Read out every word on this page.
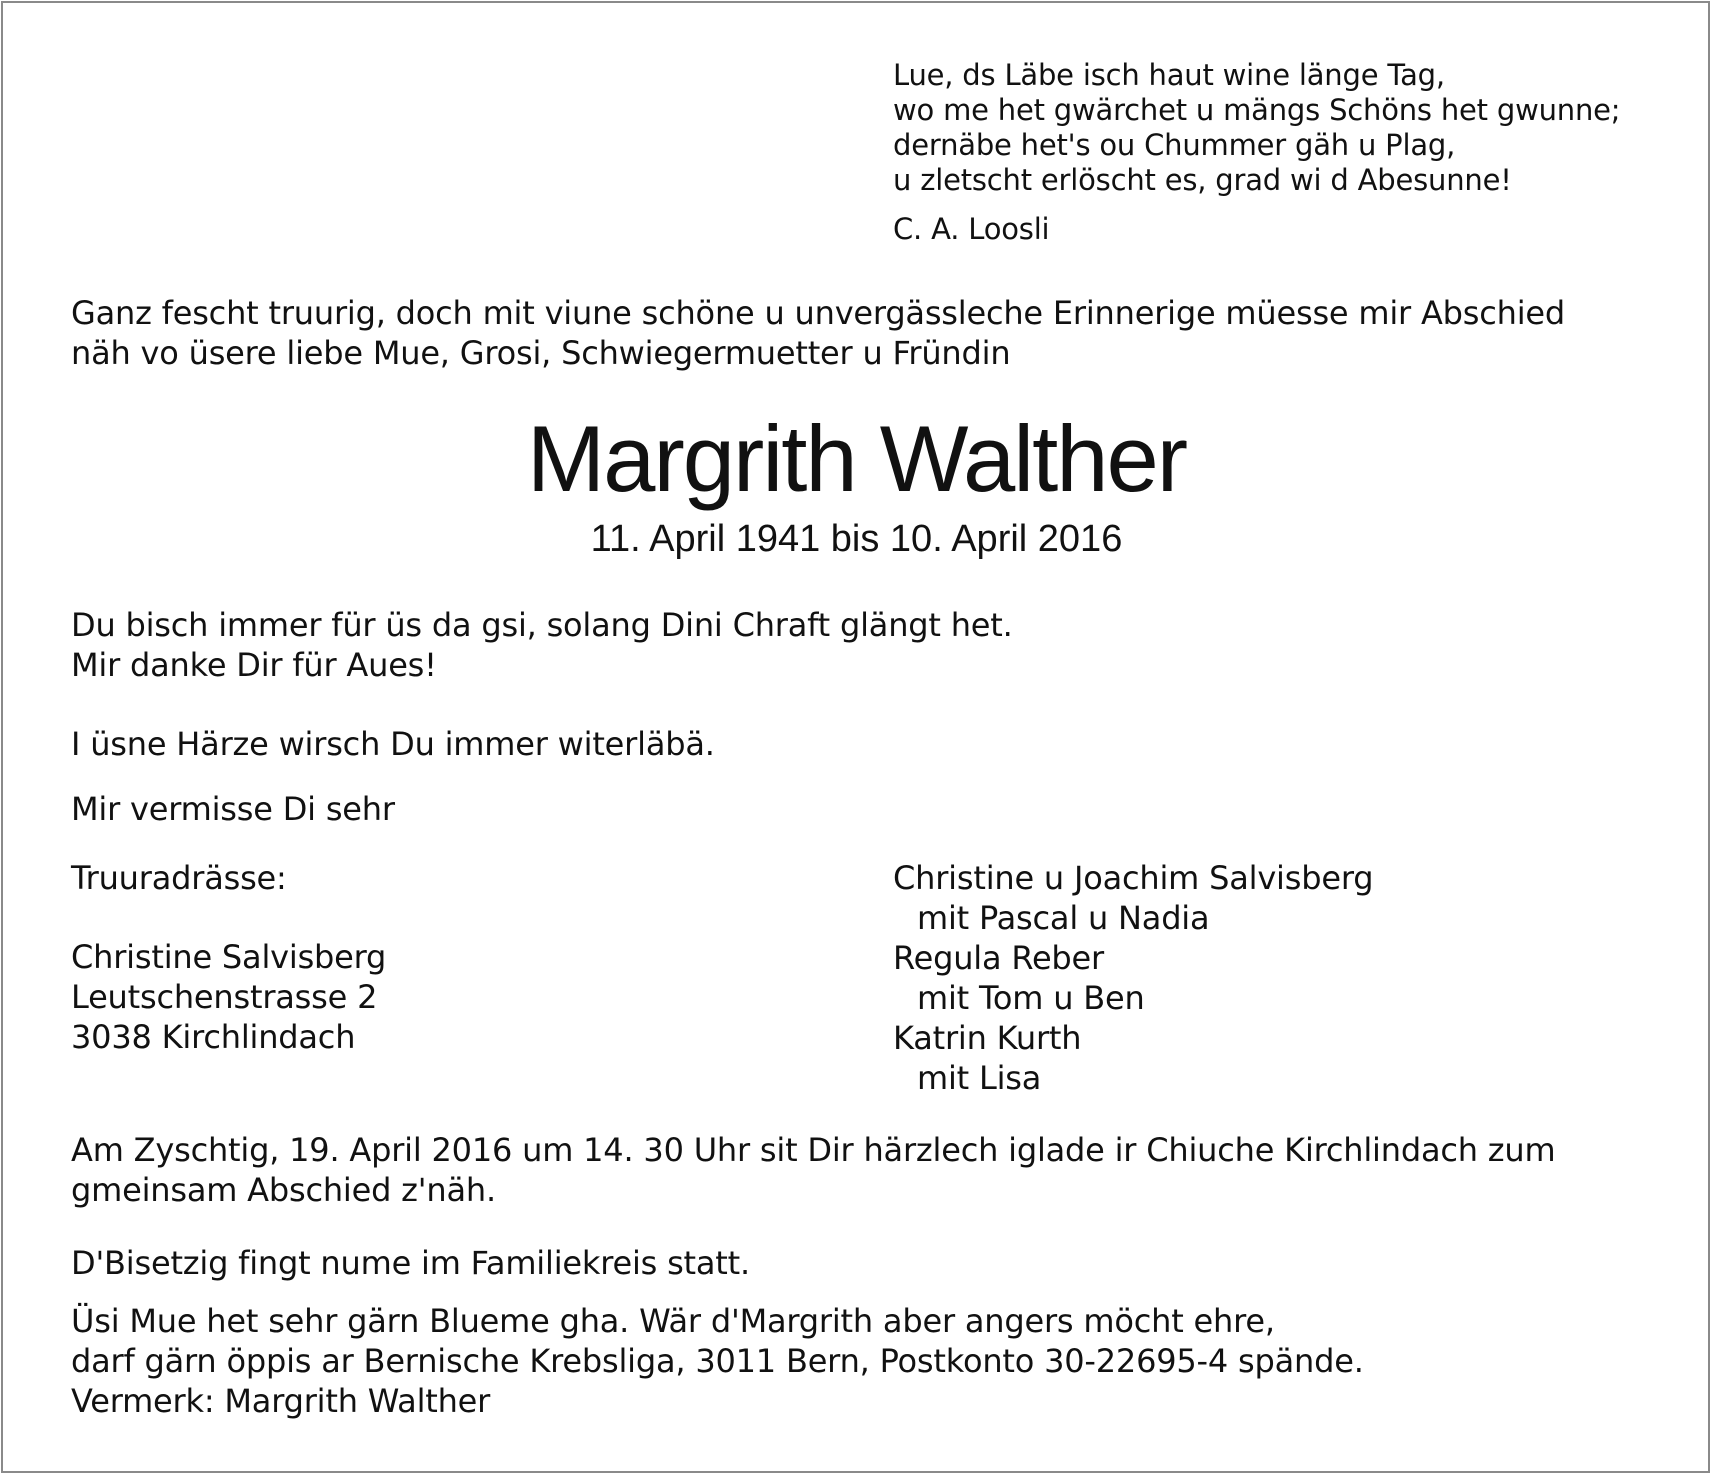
Lue, ds Läbe isch haut wine länge Tag,
wo me het gwärchet u mängs Schöns het gwunne;
dernäbe het's ou Chummer gäh u Plag,
u zletscht erlöscht es, grad wi d Abesunne!
C. A. Loosli
Ganz fescht truurig, doch mit viune schöne u unvergässleche Erinnerige müesse mir Abschied
näh vo üsere liebe Mue, Grosi, Schwiegermuetter u Fründin
Margrith Walther
11. April 1941 bis 10. April 2016
Du bisch immer für üs da gsi, solang Dini Chraft glängt het.
Mir danke Dir für Aues!
I üsne Härze wirsch Du immer witerläbä.
Mir vermisse Di sehr
Truuradrässe:
Christine Salvisberg
Leutschenstrasse 2
3038 Kirchlindach
Christine u Joachim Salvisberg
mit Pascal u Nadia
Regula Reber
mit Tom u Ben
Katrin Kurth
mit Lisa
Am Zyschtig, 19. April 2016 um 14. 30 Uhr sit Dir härzlech iglade ir Chiuche Kirchlindach zum
gmeinsam Abschied z'näh.
D'Bisetzig fingt nume im Familiekreis statt.
Üsi Mue het sehr gärn Blueme gha. Wär d'Margrith aber angers möcht ehre,
darf gärn öppis ar Bernische Krebsliga, 3011 Bern, Postkonto 30-22695-4 spände.
Vermerk: Margrith Walther
